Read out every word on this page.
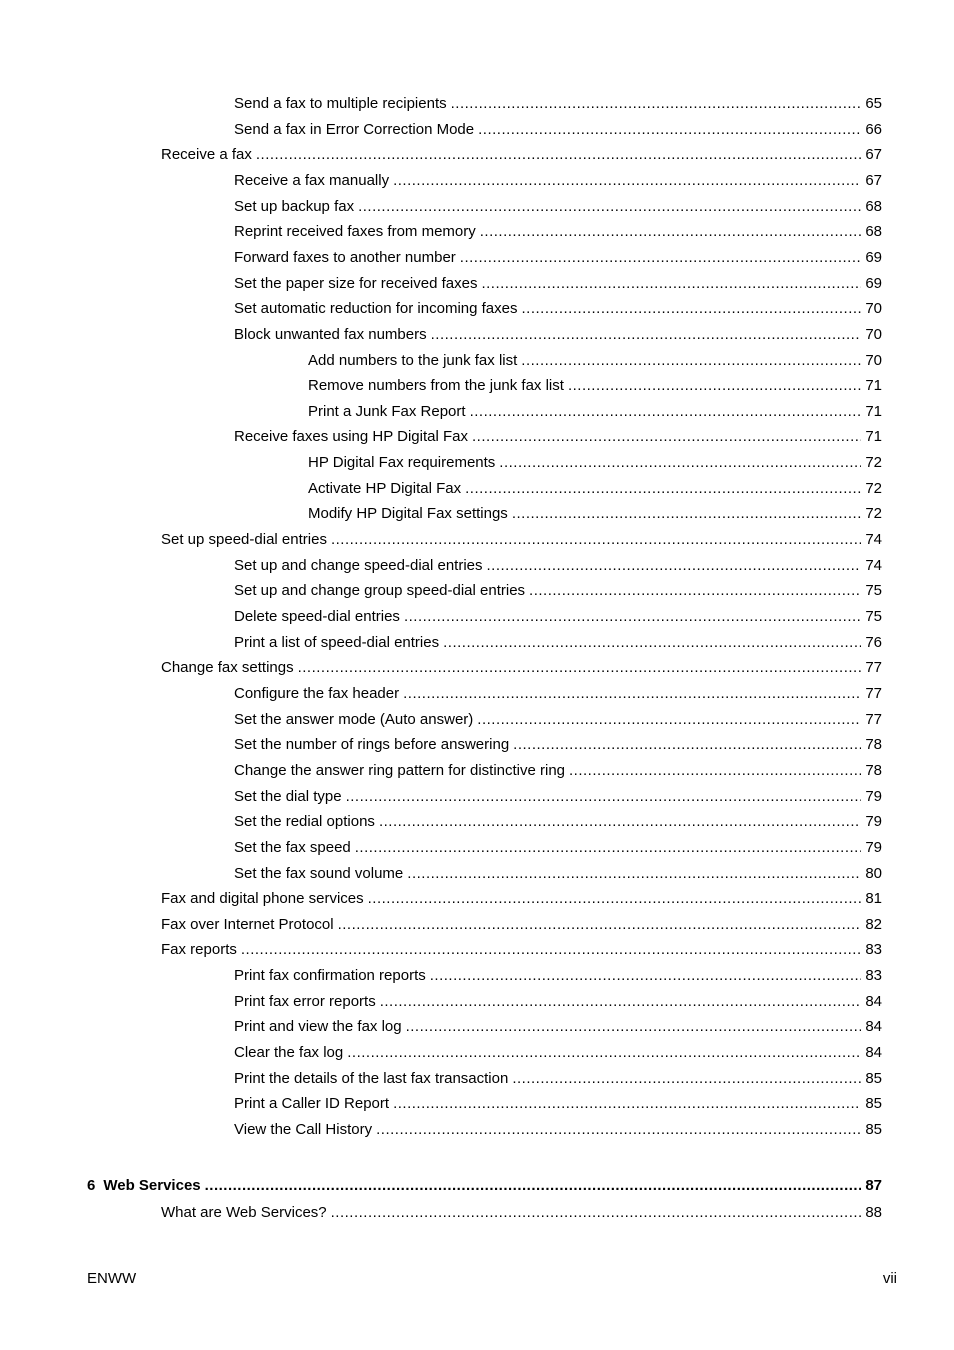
Send a fax to multiple recipients .....	65
Send a fax in Error Correction Mode .....	66
Receive a fax .....	67
Receive a fax manually .....	67
Set up backup fax .....	68
Reprint received faxes from memory .....	68
Forward faxes to another number .....	69
Set the paper size for received faxes .....	69
Set automatic reduction for incoming faxes .....	70
Block unwanted fax numbers .....	70
Add numbers to the junk fax list .....	70
Remove numbers from the junk fax list .....	71
Print a Junk Fax Report .....	71
Receive faxes using HP Digital Fax .....	71
HP Digital Fax requirements .....	72
Activate HP Digital Fax .....	72
Modify HP Digital Fax settings .....	72
Set up speed-dial entries .....	74
Set up and change speed-dial entries .....	74
Set up and change group speed-dial entries .....	75
Delete speed-dial entries .....	75
Print a list of speed-dial entries .....	76
Change fax settings .....	77
Configure the fax header .....	77
Set the answer mode (Auto answer) .....	77
Set the number of rings before answering .....	78
Change the answer ring pattern for distinctive ring .....	78
Set the dial type .....	79
Set the redial options .....	79
Set the fax speed .....	79
Set the fax sound volume .....	80
Fax and digital phone services .....	81
Fax over Internet Protocol .....	82
Fax reports .....	83
Print fax confirmation reports .....	83
Print fax error reports .....	84
Print and view the fax log .....	84
Clear the fax log .....	84
Print the details of the last fax transaction .....	85
Print a Caller ID Report .....	85
View the Call History .....	85
6 Web Services .....	87
What are Web Services? .....	88
ENWW	vii
